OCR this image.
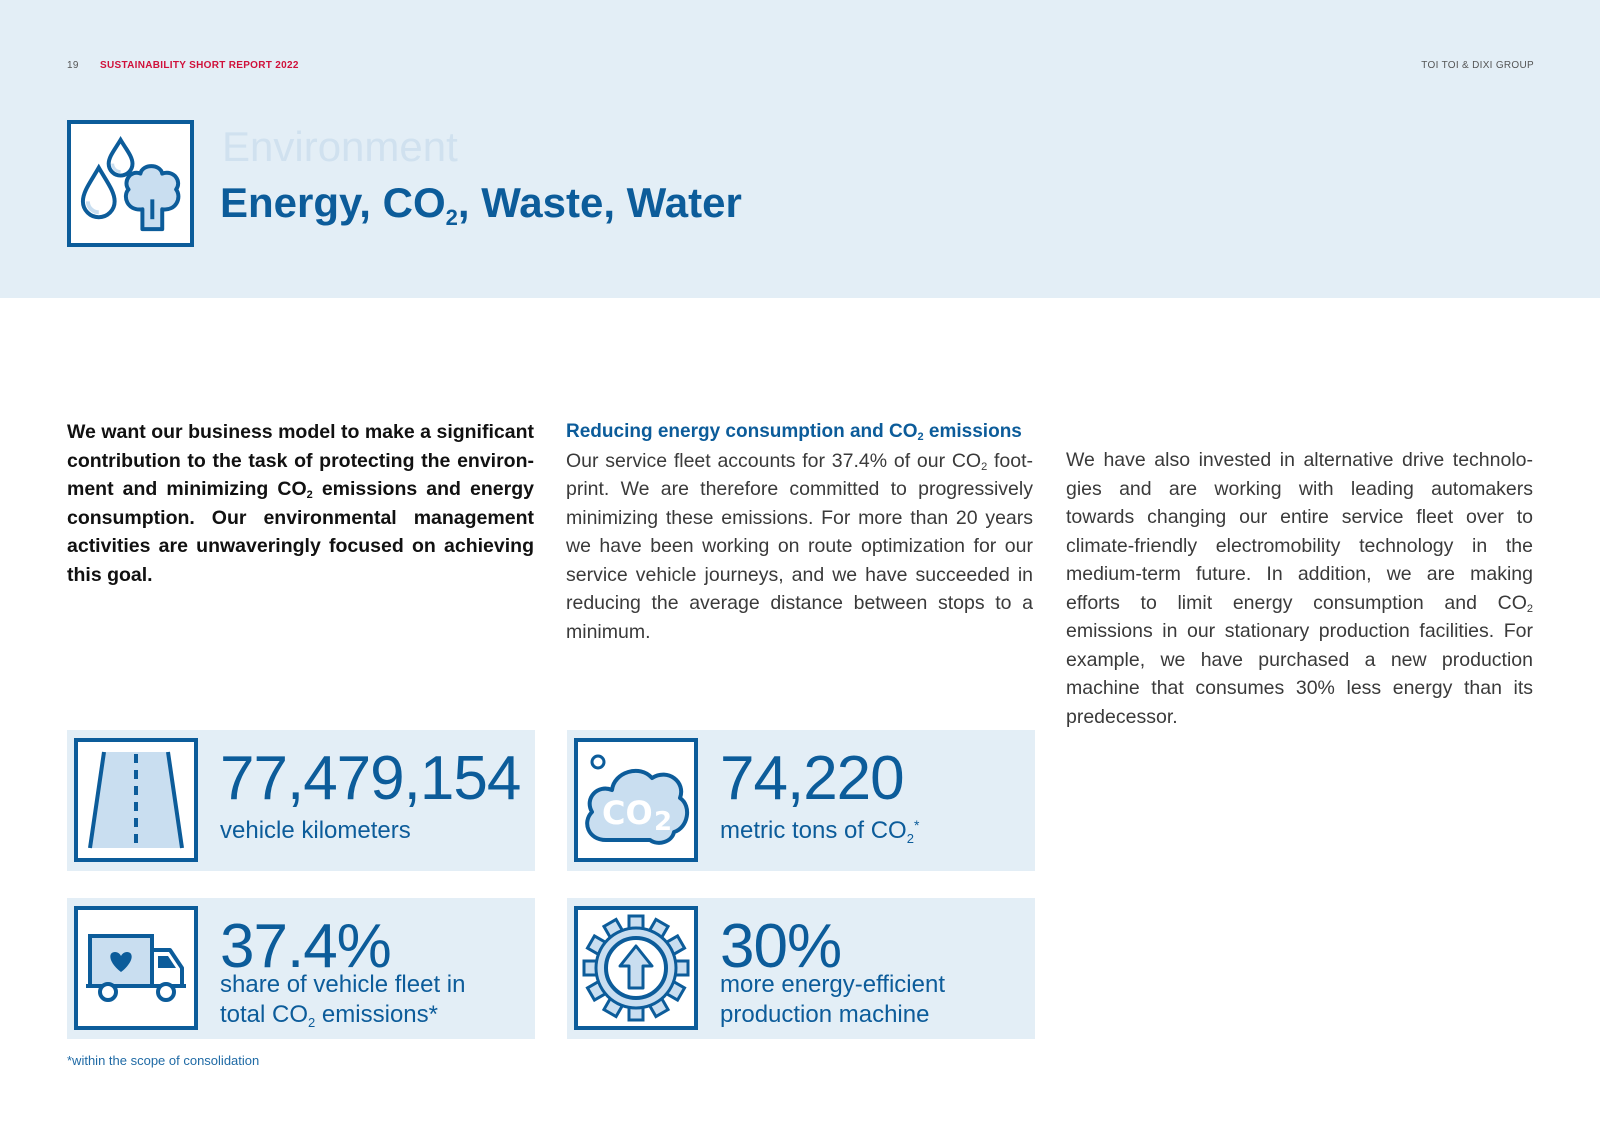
19 SUSTAINABILITY SHORT REPORT 2022	TOI TOI & DIXI GROUP
Environment
Energy, $CO_2$, Waste, Water

We want our business model to make a significant contribution to the task of protecting the environ-ment and minimizing $CO_2$ emissions and energy consumption. Our environmental management activities are unwaveringly focused on achieving this goal.

Reducing energy consumption and $CO_2$ emissions

Our service fleet accounts for 37.4% of our $CO_2$ foot-print. We are therefore committed to progressively minimizing these emissions. For more than 20 years we have been working on route optimization for our service vehicle journeys, and we have succeeded in reducing the average distance between stops to a minimum.

We have also invested in alternative drive technolo-gies and are working with leading automakers towards changing our entire service fleet over to climate-friendly electromobility technology in the medium-term future. In addition, we are making efforts to limit energy consumption and $CO_2$ emissions in our stationary production facilities. For example, we have purchased a new production machine that consumes 30% less energy than its predecessor.

77,479,154
vehicle kilometers	CO 2
74,220
metric tons of $CO_2^*$
37.4%
share of vehicle fleet in
total $CO_2$ emissions*
30%
more energy-efficient
production machine
*within the scope of consolidation
